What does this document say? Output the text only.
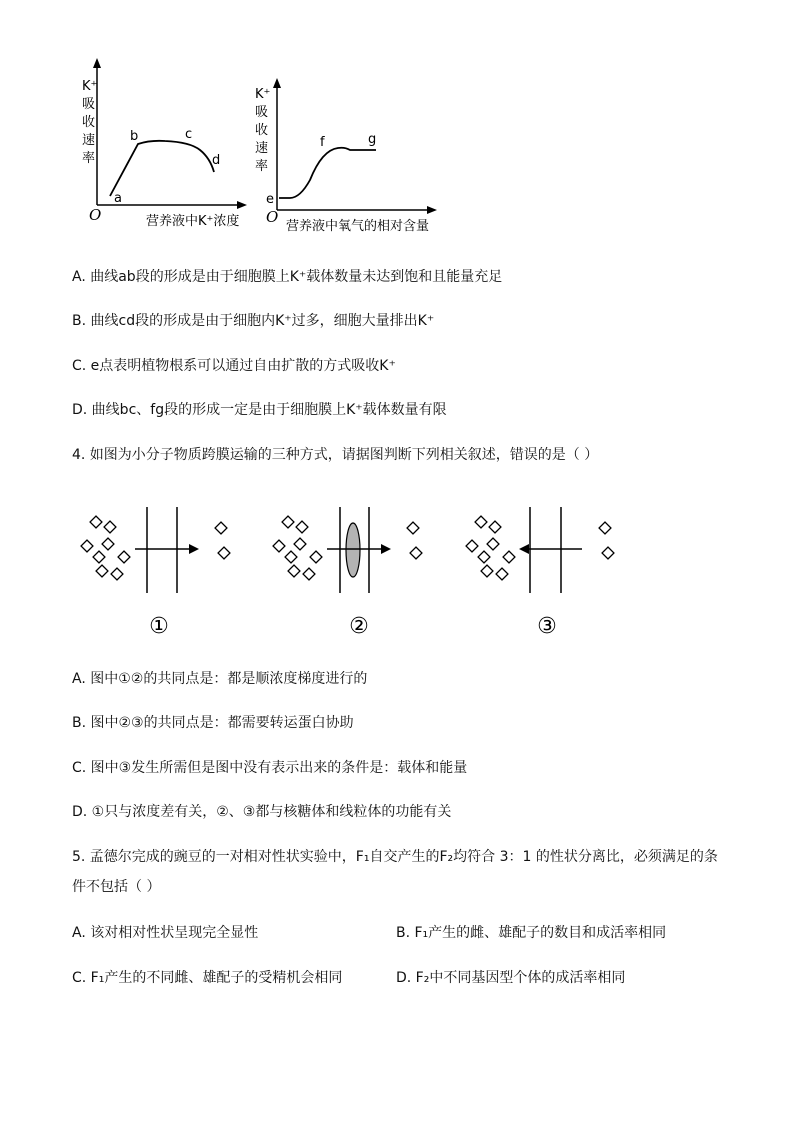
K⁺
吸
收
速
率
O
a
b	c
d
营养液中K⁺浓度
K⁺
吸
收
速
率
O
e
f	g
营养液中氧气的相对含量
A. 曲线ab段的形成是由于细胞膜上K⁺载体数量未达到饱和且能量充足
B. 曲线cd段的形成是由于细胞内K⁺过多，细胞大量排出K⁺
C. e点表明植物根系可以通过自由扩散的方式吸收K⁺
D. 曲线bc、fg段的形成一定是由于细胞膜上K⁺载体数量有限
4. 如图为小分子物质跨膜运输的三种方式，请据图判断下列相关叙述，错误的是（ ）
①	②	③
A. 图中①②的共同点是：都是顺浓度梯度进行的
B. 图中②③的共同点是：都需要转运蛋白协助
C. 图中③发生所需但是图中没有表示出来的条件是：载体和能量
D. ①只与浓度差有关，②、③都与核糖体和线粒体的功能有关
5. 孟德尔完成的豌豆的一对相对性状实验中，F₁自交产生的F₂均符合 3：1 的性状分离比，必须满足的条
件不包括（ ）
A. 该对相对性状呈现完全显性	B. F₁产生的雌、雄配子的数目和成活率相同
C. F₁产生的不同雌、雄配子的受精机会相同	D. F₂中不同基因型个体的成活率相同
